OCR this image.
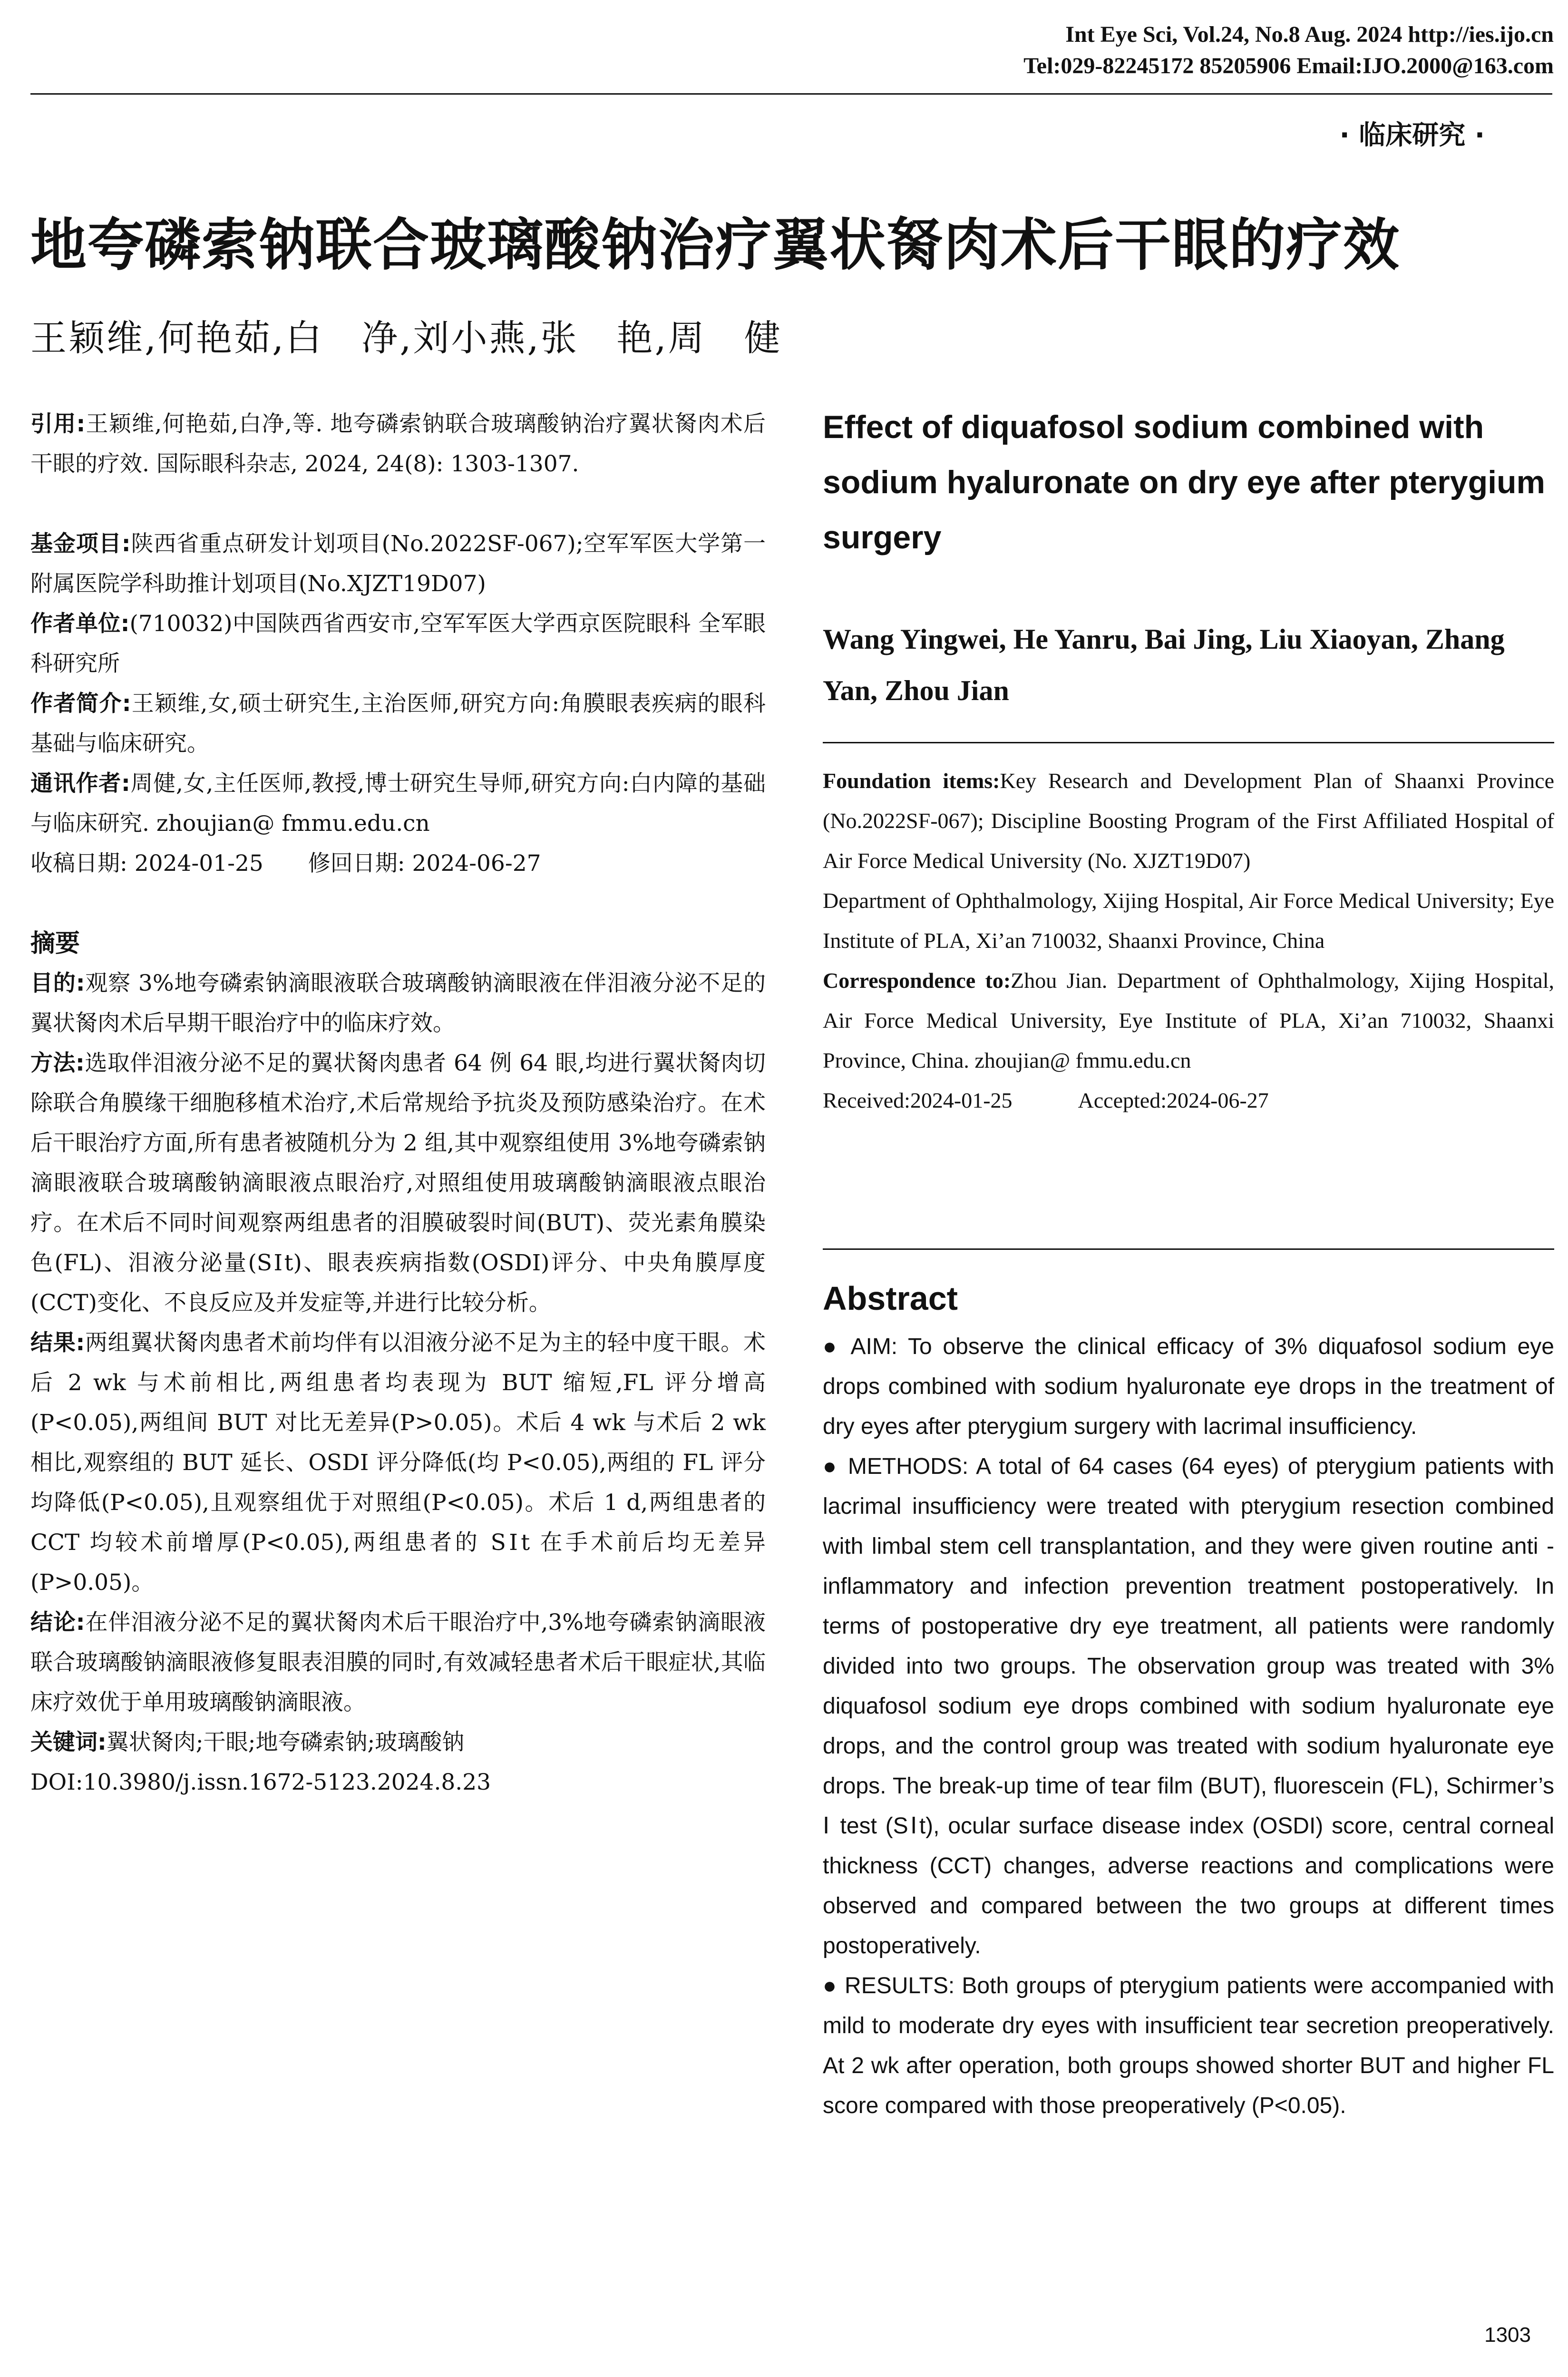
Int Eye Sci, Vol.24, No.8 Aug. 2024 http://ies.ijo.cn
Tel:029-82245172 85205906 Email:IJO.2000@163.com
· 临床研究 ·
地夸磷索钠联合玻璃酸钠治疗翼状胬肉术后干眼的疗效
王颖维,何艳茹,白　净,刘小燕,张　艳,周　健

引用:王颖维,何艳茹,白净,等. 地夸磷索钠联合玻璃酸钠治疗翼状胬肉术后干眼的疗效. 国际眼科杂志, 2024, 24(8): 1303-1307.

基金项目:陕西省重点研发计划项目(No.2022SF-067);空军军医大学第一附属医院学科助推计划项目(No.XJZT19D07)

作者单位:(710032)中国陕西省西安市,空军军医大学西京医院眼科 全军眼科研究所

作者简介:王颖维,女,硕士研究生,主治医师,研究方向:角膜眼表疾病的眼科基础与临床研究。

通讯作者:周健,女,主任医师,教授,博士研究生导师,研究方向:白内障的基础与临床研究. zhoujian@ fmmu.edu.cn

收稿日期: 2024-01-25　　修回日期: 2024-06-27

摘要

目的:观察 3%地夸磷索钠滴眼液联合玻璃酸钠滴眼液在伴泪液分泌不足的翼状胬肉术后早期干眼治疗中的临床疗效。

方法:选取伴泪液分泌不足的翼状胬肉患者 64 例 64 眼,均进行翼状胬肉切除联合角膜缘干细胞移植术治疗,术后常规给予抗炎及预防感染治疗。在术后干眼治疗方面,所有患者被随机分为 2 组,其中观察组使用 3%地夸磷索钠滴眼液联合玻璃酸钠滴眼液点眼治疗,对照组使用玻璃酸钠滴眼液点眼治疗。在术后不同时间观察两组患者的泪膜破裂时间(BUT)、荧光素角膜染色(FL)、泪液分泌量(SⅠt)、眼表疾病指数(OSDI)评分、中央角膜厚度(CCT)变化、不良反应及并发症等,并进行比较分析。

结果:两组翼状胬肉患者术前均伴有以泪液分泌不足为主的轻中度干眼。术后 2 wk 与术前相比,两组患者均表现为 BUT 缩短,FL 评分增高(P<0.05),两组间 BUT 对比无差异(P>0.05)。术后 4 wk 与术后 2 wk 相比,观察组的 BUT 延长、OSDI 评分降低(均 P<0.05),两组的 FL 评分均降低(P<0.05),且观察组优于对照组(P<0.05)。术后 1 d,两组患者的 CCT 均较术前增厚(P<0.05),两组患者的 SⅠt 在手术前后均无差异(P>0.05)。

结论:在伴泪液分泌不足的翼状胬肉术后干眼治疗中,3%地夸磷索钠滴眼液联合玻璃酸钠滴眼液修复眼表泪膜的同时,有效减轻患者术后干眼症状,其临床疗效优于单用玻璃酸钠滴眼液。

关键词:翼状胬肉;干眼;地夸磷索钠;玻璃酸钠

DOI:10.3980/j.issn.1672-5123.2024.8.23

Effect of diquafosol sodium combined with sodium hyaluronate on dry eye after pterygium surgery
Wang Yingwei, He Yanru, Bai Jing, Liu Xiaoyan, Zhang Yan, Zhou Jian

Foundation items:Key Research and Development Plan of Shaanxi Province (No.2022SF-067); Discipline Boosting Program of the First Affiliated Hospital of Air Force Medical University (No. XJZT19D07)

Department of Ophthalmology, Xijing Hospital, Air Force Medical University; Eye Institute of PLA, Xi’an 710032, Shaanxi Province, China

Correspondence to:Zhou Jian. Department of Ophthalmology, Xijing Hospital, Air Force Medical University, Eye Institute of PLA, Xi’an 710032, Shaanxi Province, China. zhoujian@ fmmu.edu.cn

Received:2024-01-25　　　Accepted:2024-06-27

Abstract

● AIM: To observe the clinical efficacy of 3% diquafosol sodium eye drops combined with sodium hyaluronate eye drops in the treatment of dry eyes after pterygium surgery with lacrimal insufficiency.

● METHODS: A total of 64 cases (64 eyes) of pterygium patients with lacrimal insufficiency were treated with pterygium resection combined with limbal stem cell transplantation, and they were given routine anti - inflammatory and infection prevention treatment postoperatively. In terms of postoperative dry eye treatment, all patients were randomly divided into two groups. The observation group was treated with 3% diquafosol sodium eye drops combined with sodium hyaluronate eye drops, and the control group was treated with sodium hyaluronate eye drops. The break-up time of tear film (BUT), fluorescein (FL), Schirmer’s Ⅰ test (SⅠt), ocular surface disease index (OSDI) score, central corneal thickness (CCT) changes, adverse reactions and complications were observed and compared between the two groups at different times postoperatively.

● RESULTS: Both groups of pterygium patients were accompanied with mild to moderate dry eyes with insufficient tear secretion preoperatively. At 2 wk after operation, both groups showed shorter BUT and higher FL score compared with those preoperatively (P<0.05).

1303
